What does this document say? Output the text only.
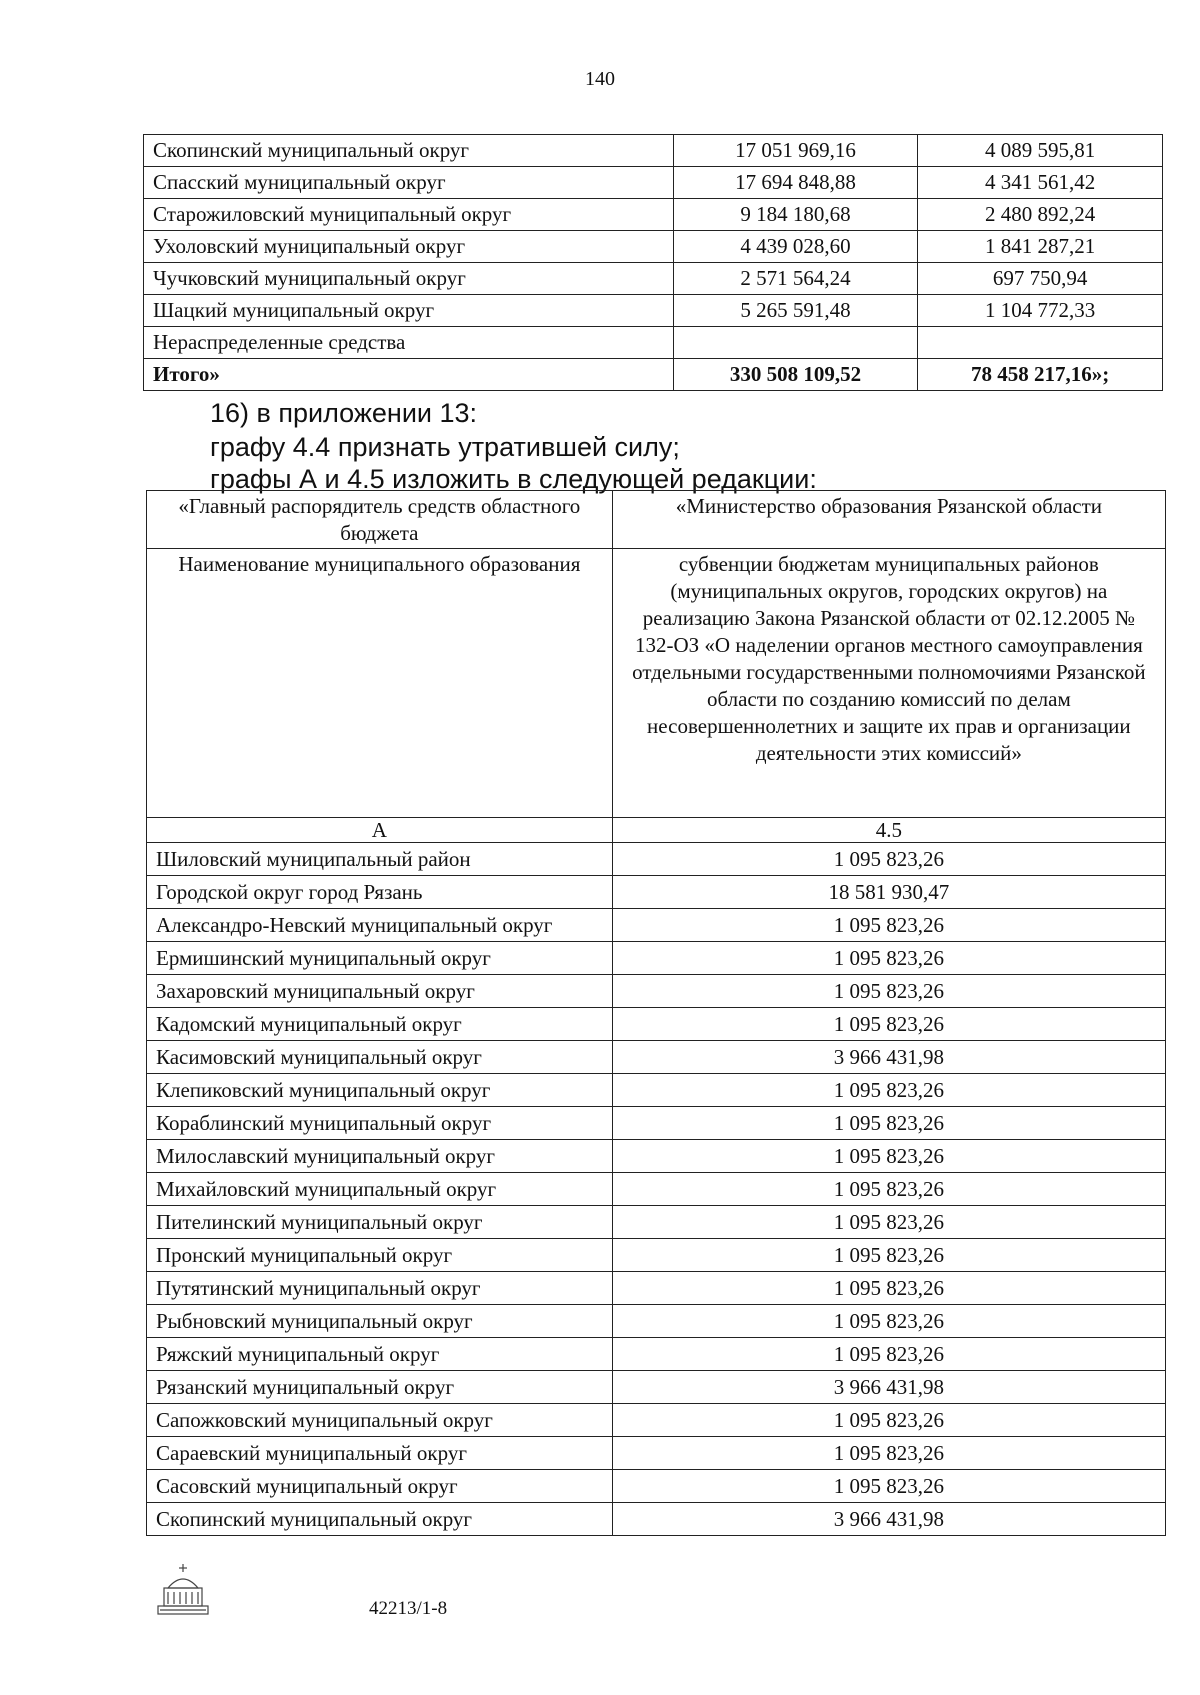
140
Скопинский муниципальный округ	17 051 969,16	4 089 595,81
Спасский муниципальный округ	17 694 848,88	4 341 561,42
Старожиловский муниципальный округ	9 184 180,68	2 480 892,24
Ухоловский муниципальный округ	4 439 028,60	1 841 287,21
Чучковский муниципальный округ	2 571 564,24	697 750,94
Шацкий муниципальный округ	5 265 591,48	1 104 772,33
Нераспределенные средства		
Итого»	330 508 109,52	78 458 217,16»;
16) в приложении 13:
графу 4.4 признать утратившей силу;
графы А и 4.5 изложить в следующей редакции:
«Главный распорядитель средств областного бюджета	«Министерство образования Рязанской области
Наименование муниципального образования	субвенции бюджетам муниципальных районов (муниципальных округов, городских округов) на реализацию Закона Рязанской области от 02.12.2005 № 132-ОЗ «О наделении органов местного самоуправления отдельными государственными полномочиями Рязанской области по созданию комиссий по делам несовершеннолетних и защите их прав и организации деятельности этих комиссий»
А	4.5
Шиловский муниципальный район	1 095 823,26
Городской округ город Рязань	18 581 930,47
Александро-Невский муниципальный округ	1 095 823,26
Ермишинский муниципальный округ	1 095 823,26
Захаровский муниципальный округ	1 095 823,26
Кадомский муниципальный округ	1 095 823,26
Касимовский муниципальный округ	3 966 431,98
Клепиковский муниципальный округ	1 095 823,26
Кораблинский муниципальный округ	1 095 823,26
Милославский муниципальный округ	1 095 823,26
Михайловский муниципальный округ	1 095 823,26
Пителинский муниципальный округ	1 095 823,26
Пронский муниципальный округ	1 095 823,26
Путятинский муниципальный округ	1 095 823,26
Рыбновский муниципальный округ	1 095 823,26
Ряжский муниципальный округ	1 095 823,26
Рязанский муниципальный округ	3 966 431,98
Сапожковский муниципальный округ	1 095 823,26
Сараевский муниципальный округ	1 095 823,26
Сасовский муниципальный округ	1 095 823,26
Скопинский муниципальный округ	3 966 431,98
42213/1-8
